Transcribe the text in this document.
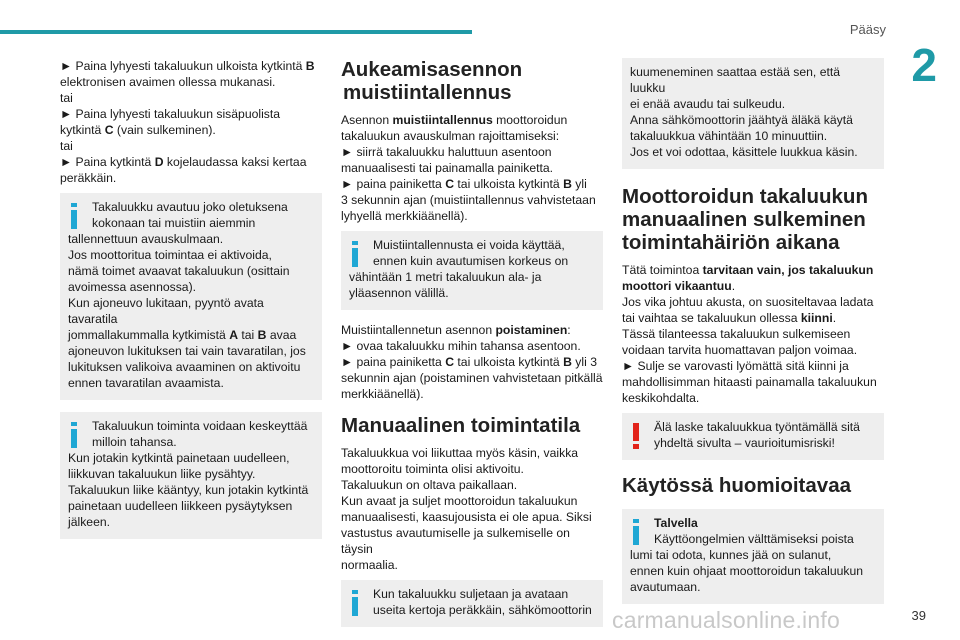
Pääsy
2

► Paina lyhyesti takaluukun ulkoista kytkintä B
elektronisen avaimen ollessa mukanasi.
tai
► Paina lyhyesti takaluukun sisäpuolista
kytkintä C (vain sulkeminen).
tai
► Paina kytkintä D kojelaudassa kaksi kertaa
peräkkäin.

Takaluukku avautuu joko oletuksena
kokonaan tai muistiin aiemmin
tallennettuun avauskulmaan.
Jos moottoritua toimintaa ei aktivoida,
nämä toimet avaavat takaluukun (osittain
avoimessa asennossa).
Kun ajoneuvo lukitaan, pyyntö avata tavaratila
jommallakummalla kytkimistä A tai B avaa
ajoneuvon lukituksen tai vain tavaratilan, jos
lukituksen valikoiva avaaminen on aktivoitu
ennen tavaratilan avaamista.
Takaluukun toiminta voidaan keskeyttää
milloin tahansa.
Kun jotakin kytkintä painetaan uudelleen,
liikkuvan takaluukun liike pysähtyy.
Takaluukun liike kääntyy, kun jotakin kytkintä
painetaan uudelleen liikkeen pysäytyksen
jälkeen.
Aukeamisasennon
muistiintallennus

Asennon muistiintallennus moottoroidun
takaluukun avauskulman rajoittamiseksi:
► siirrä takaluukku haluttuun asentoon
manuaalisesti tai painamalla painiketta.
► paina painiketta C tai ulkoista kytkintä B yli
3 sekunnin ajan (muistiintallennus vahvistetaan
lyhyellä merkkiäänellä).

Muistiintallennusta ei voida käyttää,
ennen kuin avautumisen korkeus on
vähintään 1 metri takaluukun ala- ja
yläasennon välillä.

Muistiintallennetun asennon poistaminen:
► ovaa takaluukku mihin tahansa asentoon.
► paina painiketta C tai ulkoista kytkintä B yli 3
sekunnin ajan (poistaminen vahvistetaan pitkällä
merkkiäänellä).

Manuaalinen toimintatila

Takaluukkua voi liikuttaa myös käsin, vaikka
moottoroitu toiminta olisi aktivoitu.
Takaluukun on oltava paikallaan.
Kun avaat ja suljet moottoroidun takaluukun
manuaalisesti, kaasujousista ei ole apua. Siksi
vastustus avautumiselle ja sulkemiselle on täysin
normaalia.

Kun takaluukku suljetaan ja avataan
useita kertoja peräkkäin, sähkömoottorin
kuumeneminen saattaa estää sen, että luukku
ei enää avaudu tai sulkeudu.
Anna sähkömoottorin jäähtyä äläkä käytä
takaluukkua vähintään 10 minuuttiin.
Jos et voi odottaa, käsittele luukkua käsin.
Moottoroidun takaluukun
manuaalinen sulkeminen
toimintahäiriön aikana

Tätä toimintoa tarvitaan vain, jos takaluukun
moottori vikaantuu.
Jos vika johtuu akusta, on suositeltavaa ladata
tai vaihtaa se takaluukun ollessa kiinni.
Tässä tilanteessa takaluukun sulkemiseen
voidaan tarvita huomattavan paljon voimaa.
► Sulje se varovasti lyömättä sitä kiinni ja
mahdollisimman hitaasti painamalla takaluukun
keskikohdalta.

Älä laske takaluukkua työntämällä sitä
yhdeltä sivulta – vaurioitumisriski!
Käytössä huomioitavaa
Talvella
Käyttöongelmien välttämiseksi poista
lumi tai odota, kunnes jää on sulanut,
ennen kuin ohjaat moottoroidun takaluukun
avautumaan.
carmanualsonline.info	39
